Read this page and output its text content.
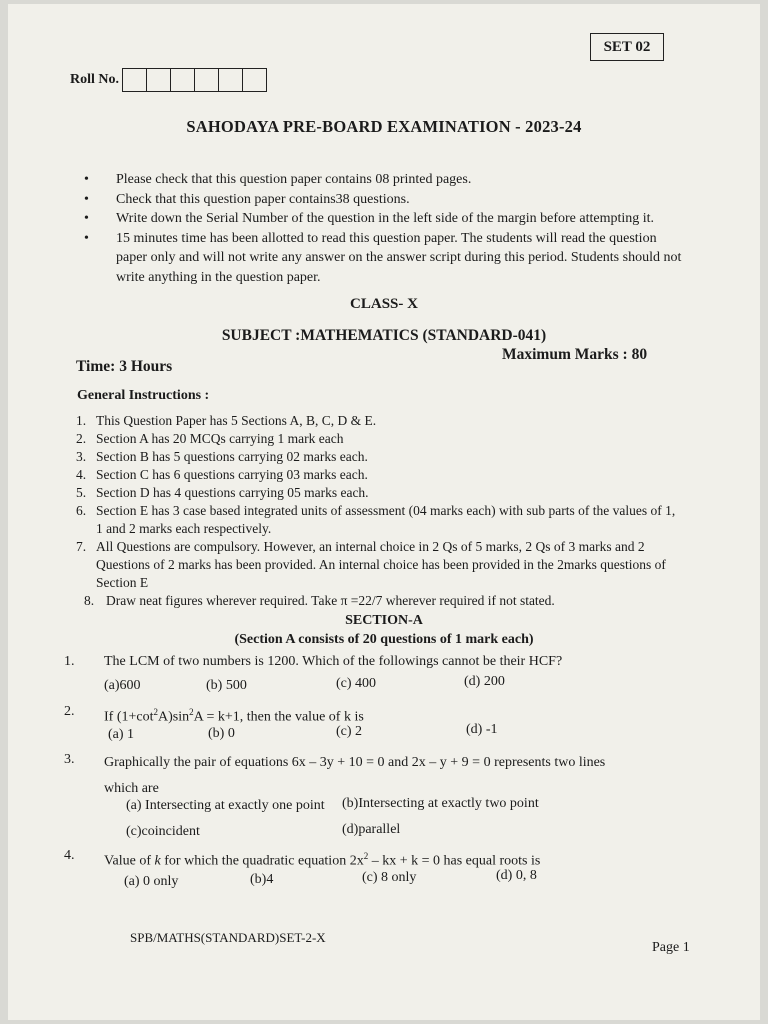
SET 02
Roll No.
SAHODAYA PRE-BOARD EXAMINATION - 2023-24
• Please check that this question paper contains 08 printed pages.
• Check that this question paper contains38 questions.
• Write down the Serial Number of the question in the left side of the margin before attempting it.
• 15 minutes time has been allotted to read this question paper. The students will read the question paper only and will not write any answer on the answer script during this period. Students should not write anything in the question paper.
CLASS- X
SUBJECT :MATHEMATICS (STANDARD-041)
Time: 3 Hours
Maximum Marks : 80
General Instructions :
1. This Question Paper has 5 Sections A, B, C, D & E.
2. Section A has 20 MCQs carrying 1 mark each
3. Section B has 5 questions carrying 02 marks each.
4. Section C has 6 questions carrying 03 marks each.
5. Section D has 4 questions carrying 05 marks each.
6. Section E has 3 case based integrated units of assessment (04 marks each) with sub parts of the values of 1, 1 and 2 marks each respectively.
7. All Questions are compulsory. However, an internal choice in 2 Qs of 5 marks, 2 Qs of 3 marks and 2 Questions of 2 marks has been provided. An internal choice has been provided in the 2marks questions of Section E
8. Draw neat figures wherever required. Take π =22/7 wherever required if not stated.
SECTION-A
(Section A consists of 20 questions of 1 mark each)
1. The LCM of two numbers is 1200. Which of the followings cannot be their HCF?
(a)600	(b) 500	(c) 400	(d) 200
2. If $(1+\cot^2A)\sin^2A = k+1$, then the value of k is
(a) 1	(b) 0	(c) 2	(d) -1
3. Graphically the pair of equations 6x – 3y + 10 = 0 and 2x – y + 9 = 0 represents two lines which are
(a) Intersecting at exactly one point (b)Intersecting at exactly two point
(c)coincident	(d)parallel
4. Value of k for which the quadratic equation $2x^2$ – kx + k = 0 has equal roots is
(a) 0 only	(b)4	(c) 8 only	(d) 0, 8
SPB/MATHS(STANDARD)SET-2-X
Page 1
